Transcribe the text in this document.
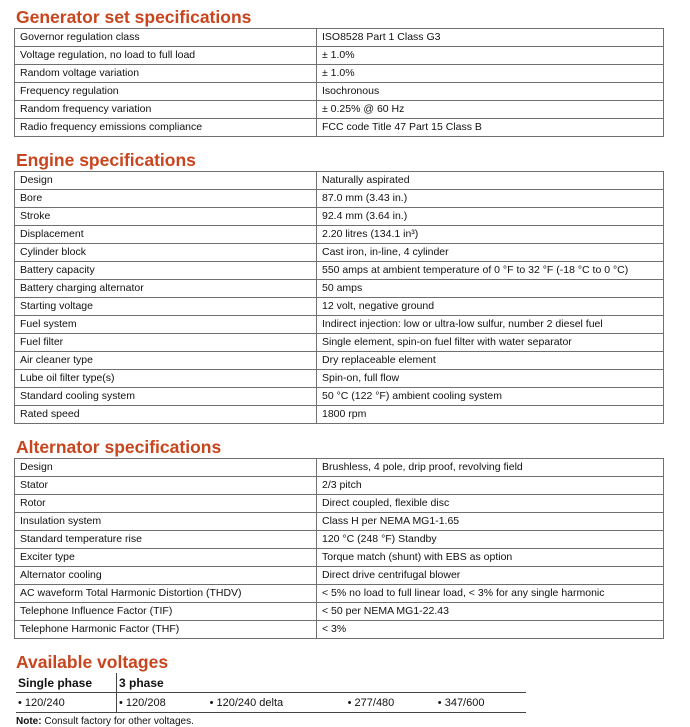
Generator set specifications
Governor regulation class	ISO8528 Part 1 Class G3
Voltage regulation, no load to full load	± 1.0%
Random voltage variation	± 1.0%
Frequency regulation	Isochronous
Random frequency variation	± 0.25% @ 60 Hz
Radio frequency emissions compliance	FCC code Title 47 Part 15 Class B
Engine specifications
Design	Naturally aspirated
Bore	87.0 mm (3.43 in.)
Stroke	92.4 mm (3.64 in.)
Displacement	2.20 litres (134.1 in³)
Cylinder block	Cast iron, in-line, 4 cylinder
Battery capacity	550 amps at ambient temperature of 0 °F to 32 °F (-18 °C to 0 °C)
Battery charging alternator	50 amps
Starting voltage	12 volt, negative ground
Fuel system	Indirect injection: low or ultra-low sulfur, number 2 diesel fuel
Fuel filter	Single element, spin-on fuel filter with water separator
Air cleaner type	Dry replaceable element
Lube oil filter type(s)	Spin-on, full flow
Standard cooling system	50 °C (122 °F) ambient cooling system
Rated speed	1800 rpm
Alternator specifications
Design	Brushless, 4 pole, drip proof, revolving field
Stator	2/3 pitch
Rotor	Direct coupled, flexible disc
Insulation system	Class H per NEMA MG1-1.65
Standard temperature rise	120 °C (248 °F) Standby
Exciter type	Torque match (shunt) with EBS as option
Alternator cooling	Direct drive centrifugal blower
AC waveform Total Harmonic Distortion (THDV)	< 5% no load to full linear load, < 3% for any single harmonic
Telephone Influence Factor (TIF)	< 50 per NEMA MG1-22.43
Telephone Harmonic Factor (THF)	< 3%
Available voltages
Single phase	3 phase			
• 120/240	• 120/208	• 120/240 delta	• 277/480	• 347/600
Note: Consult factory for other voltages.
